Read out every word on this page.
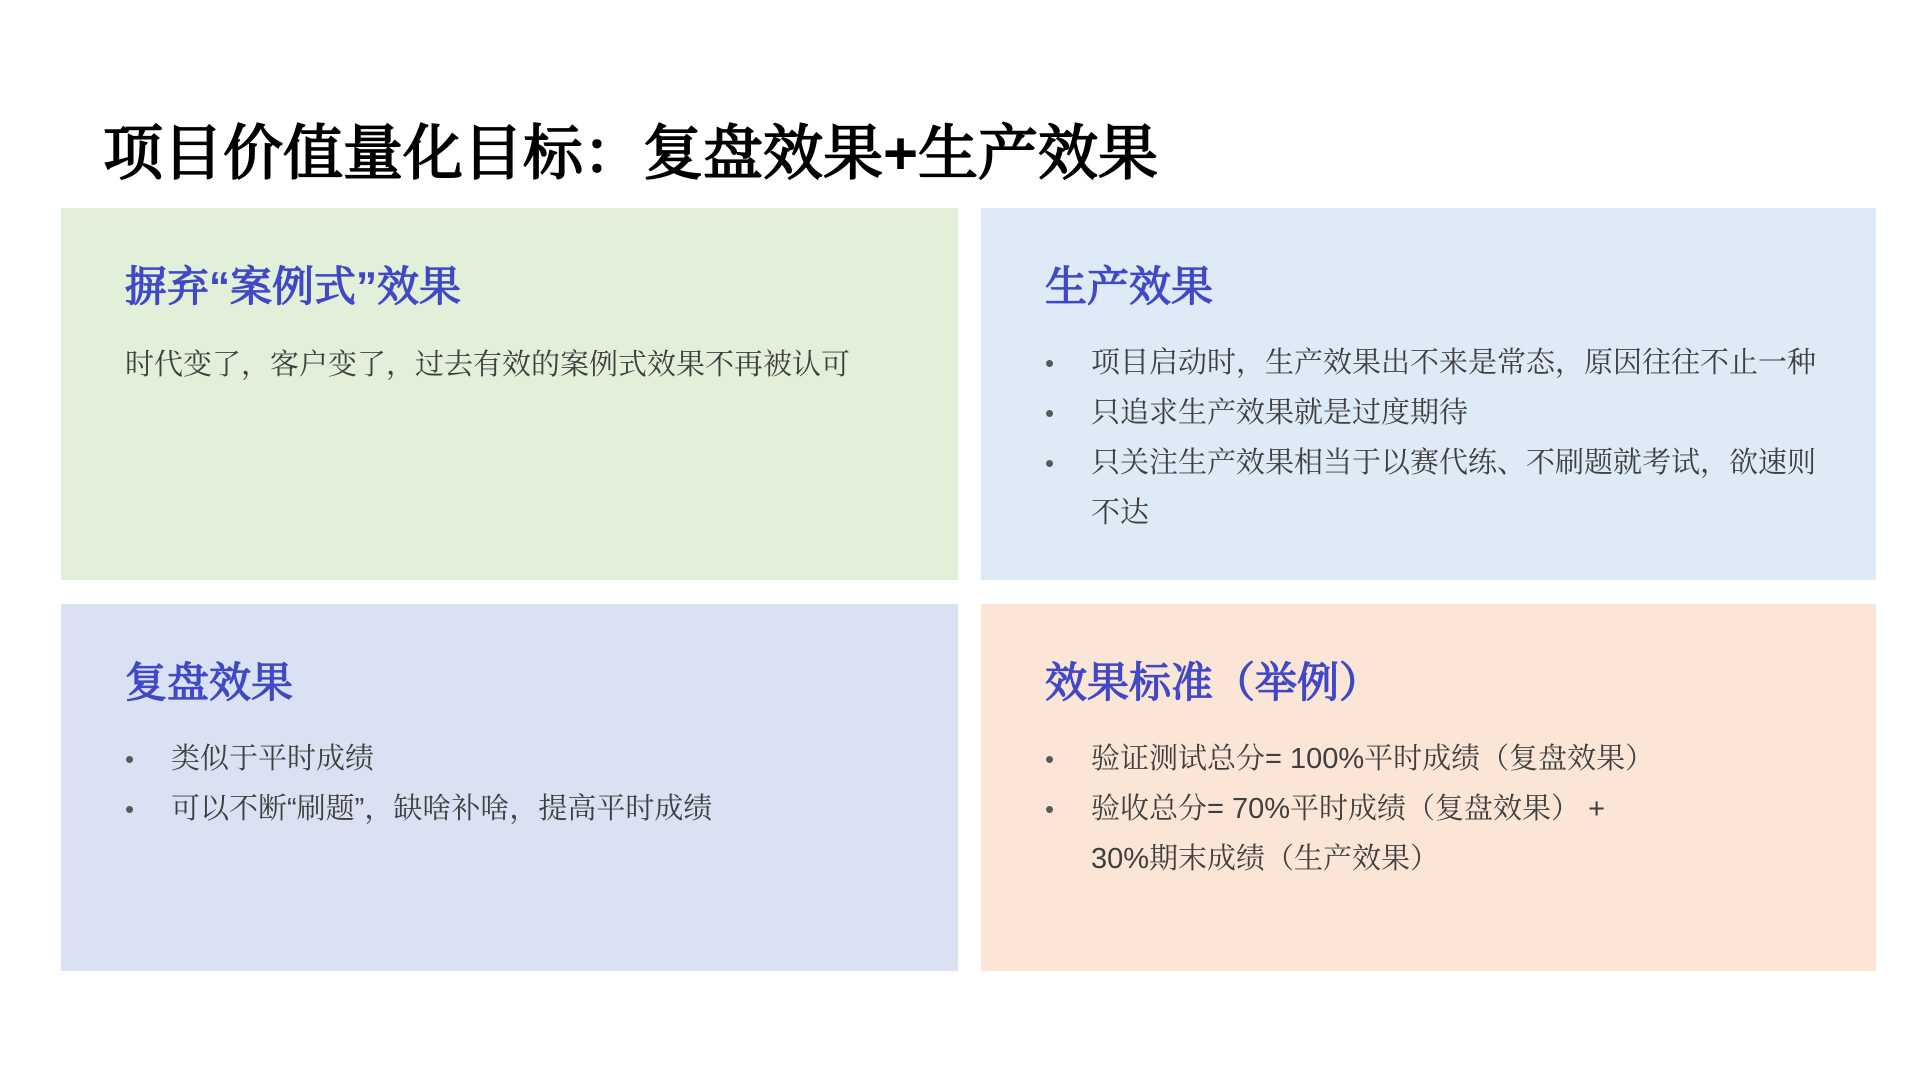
项目价值量化目标：复盘效果+生产效果
摒弃“案例式”效果
时代变了，客户变了，过去有效的案例式效果不再被认可
生产效果
•	项目启动时，生产效果出不来是常态，原因往往不止一种
•	只追求生产效果就是过度期待
•	只关注生产效果相当于以赛代练、不刷题就考试，欲速则
不达
复盘效果
•	类似于平时成绩
•	可以不断“刷题”，缺啥补啥，提高平时成绩
效果标准（举例）
•	验证测试总分= 100%平时成绩（复盘效果）
•	验收总分= 70%平时成绩（复盘效果） +
30%期末成绩（生产效果）
